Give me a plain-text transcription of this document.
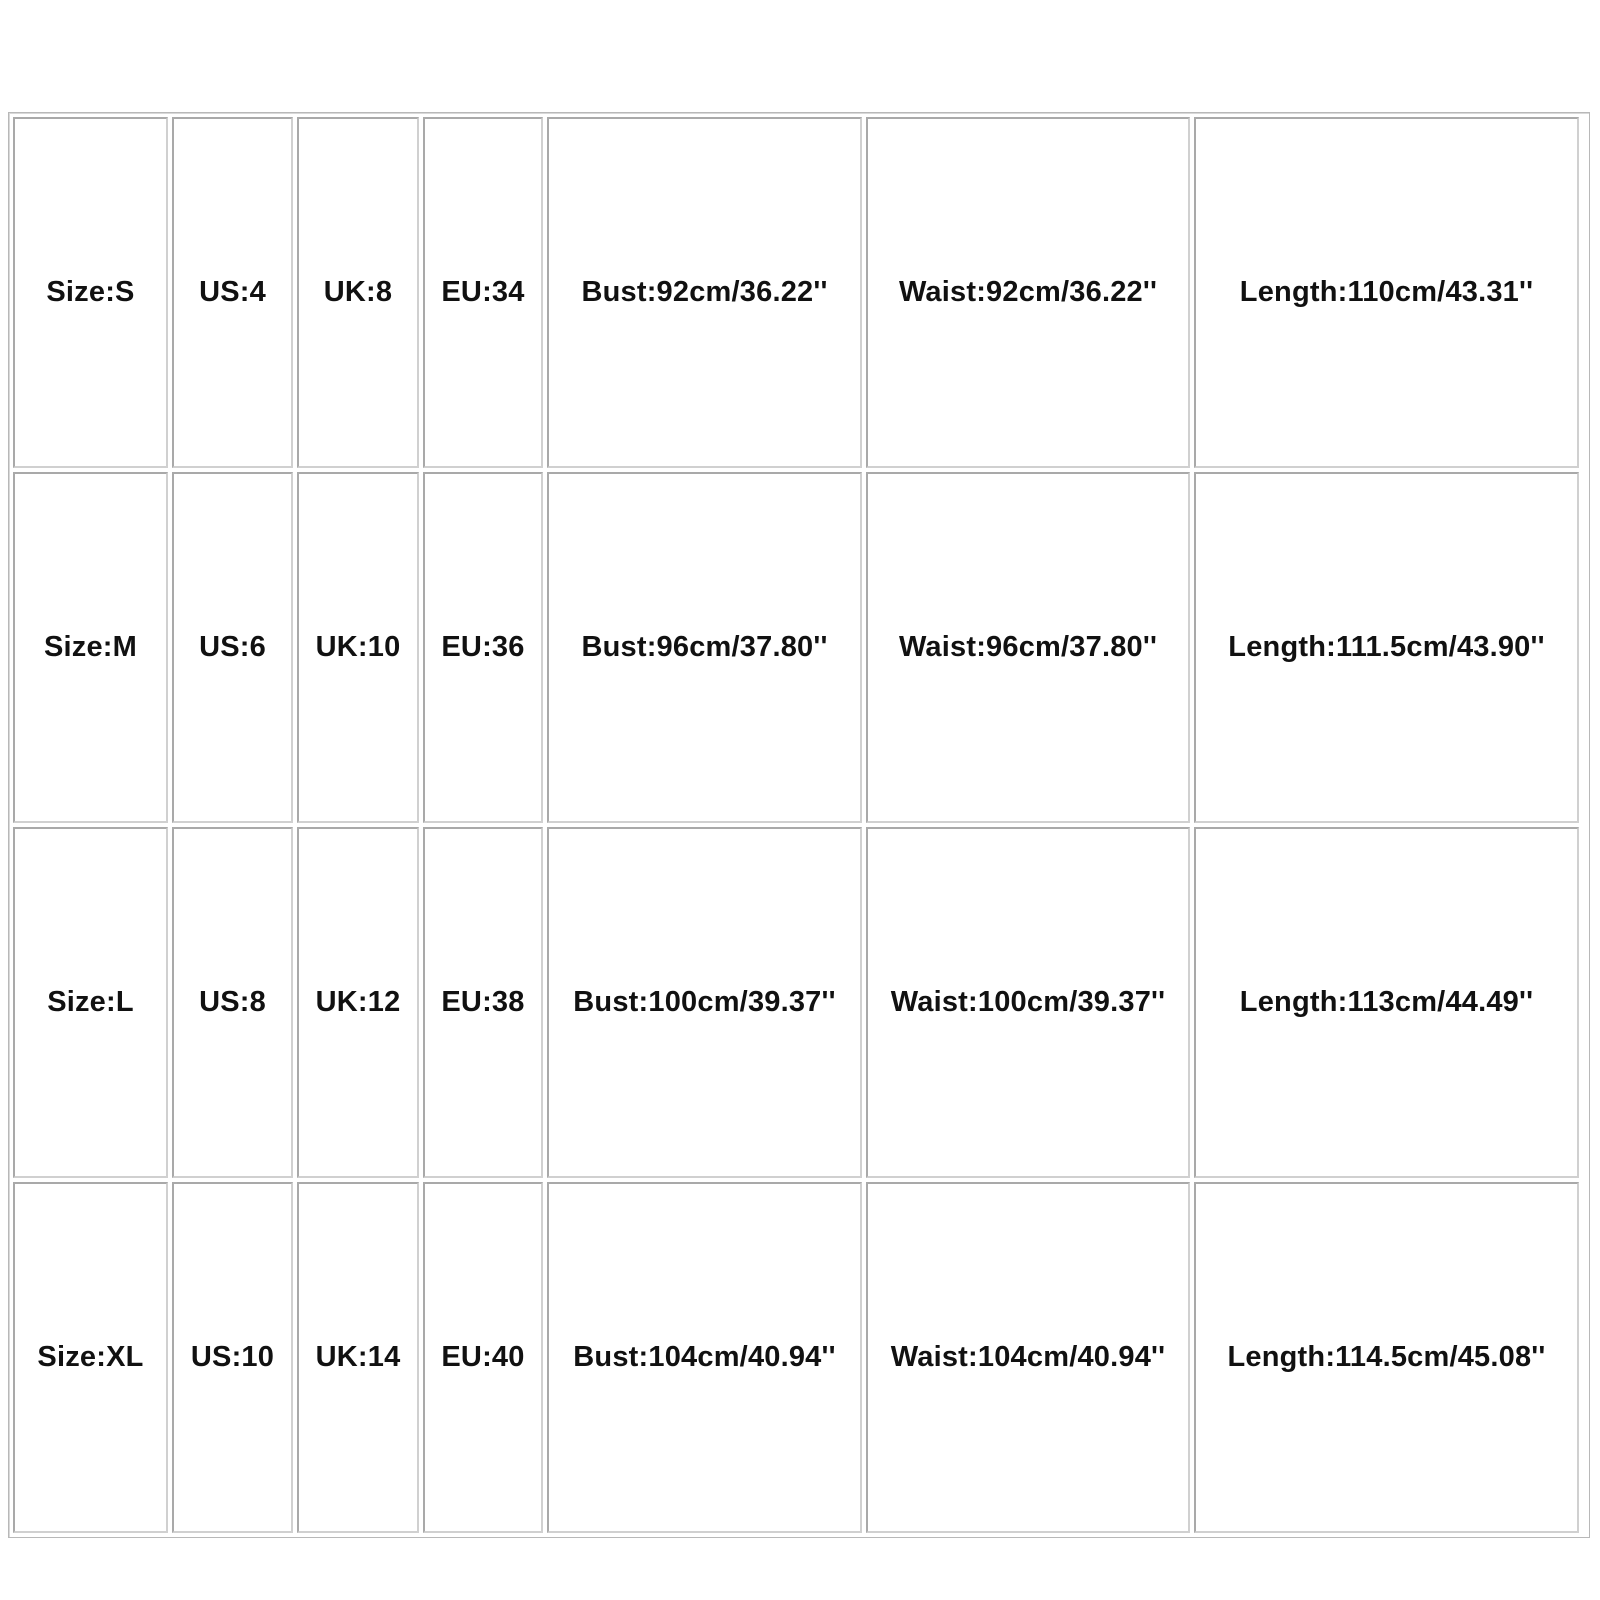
Size:S	US:4	UK:8	EU:34	Bust:92cm/36.22''	Waist:92cm/36.22''	Length:110cm/43.31''
Size:M	US:6	UK:10	EU:36	Bust:96cm/37.80''	Waist:96cm/37.80''	Length:111.5cm/43.90''
Size:L	US:8	UK:12	EU:38	Bust:100cm/39.37''	Waist:100cm/39.37''	Length:113cm/44.49''
Size:XL	US:10	UK:14	EU:40	Bust:104cm/40.94''	Waist:104cm/40.94''	Length:114.5cm/45.08''
